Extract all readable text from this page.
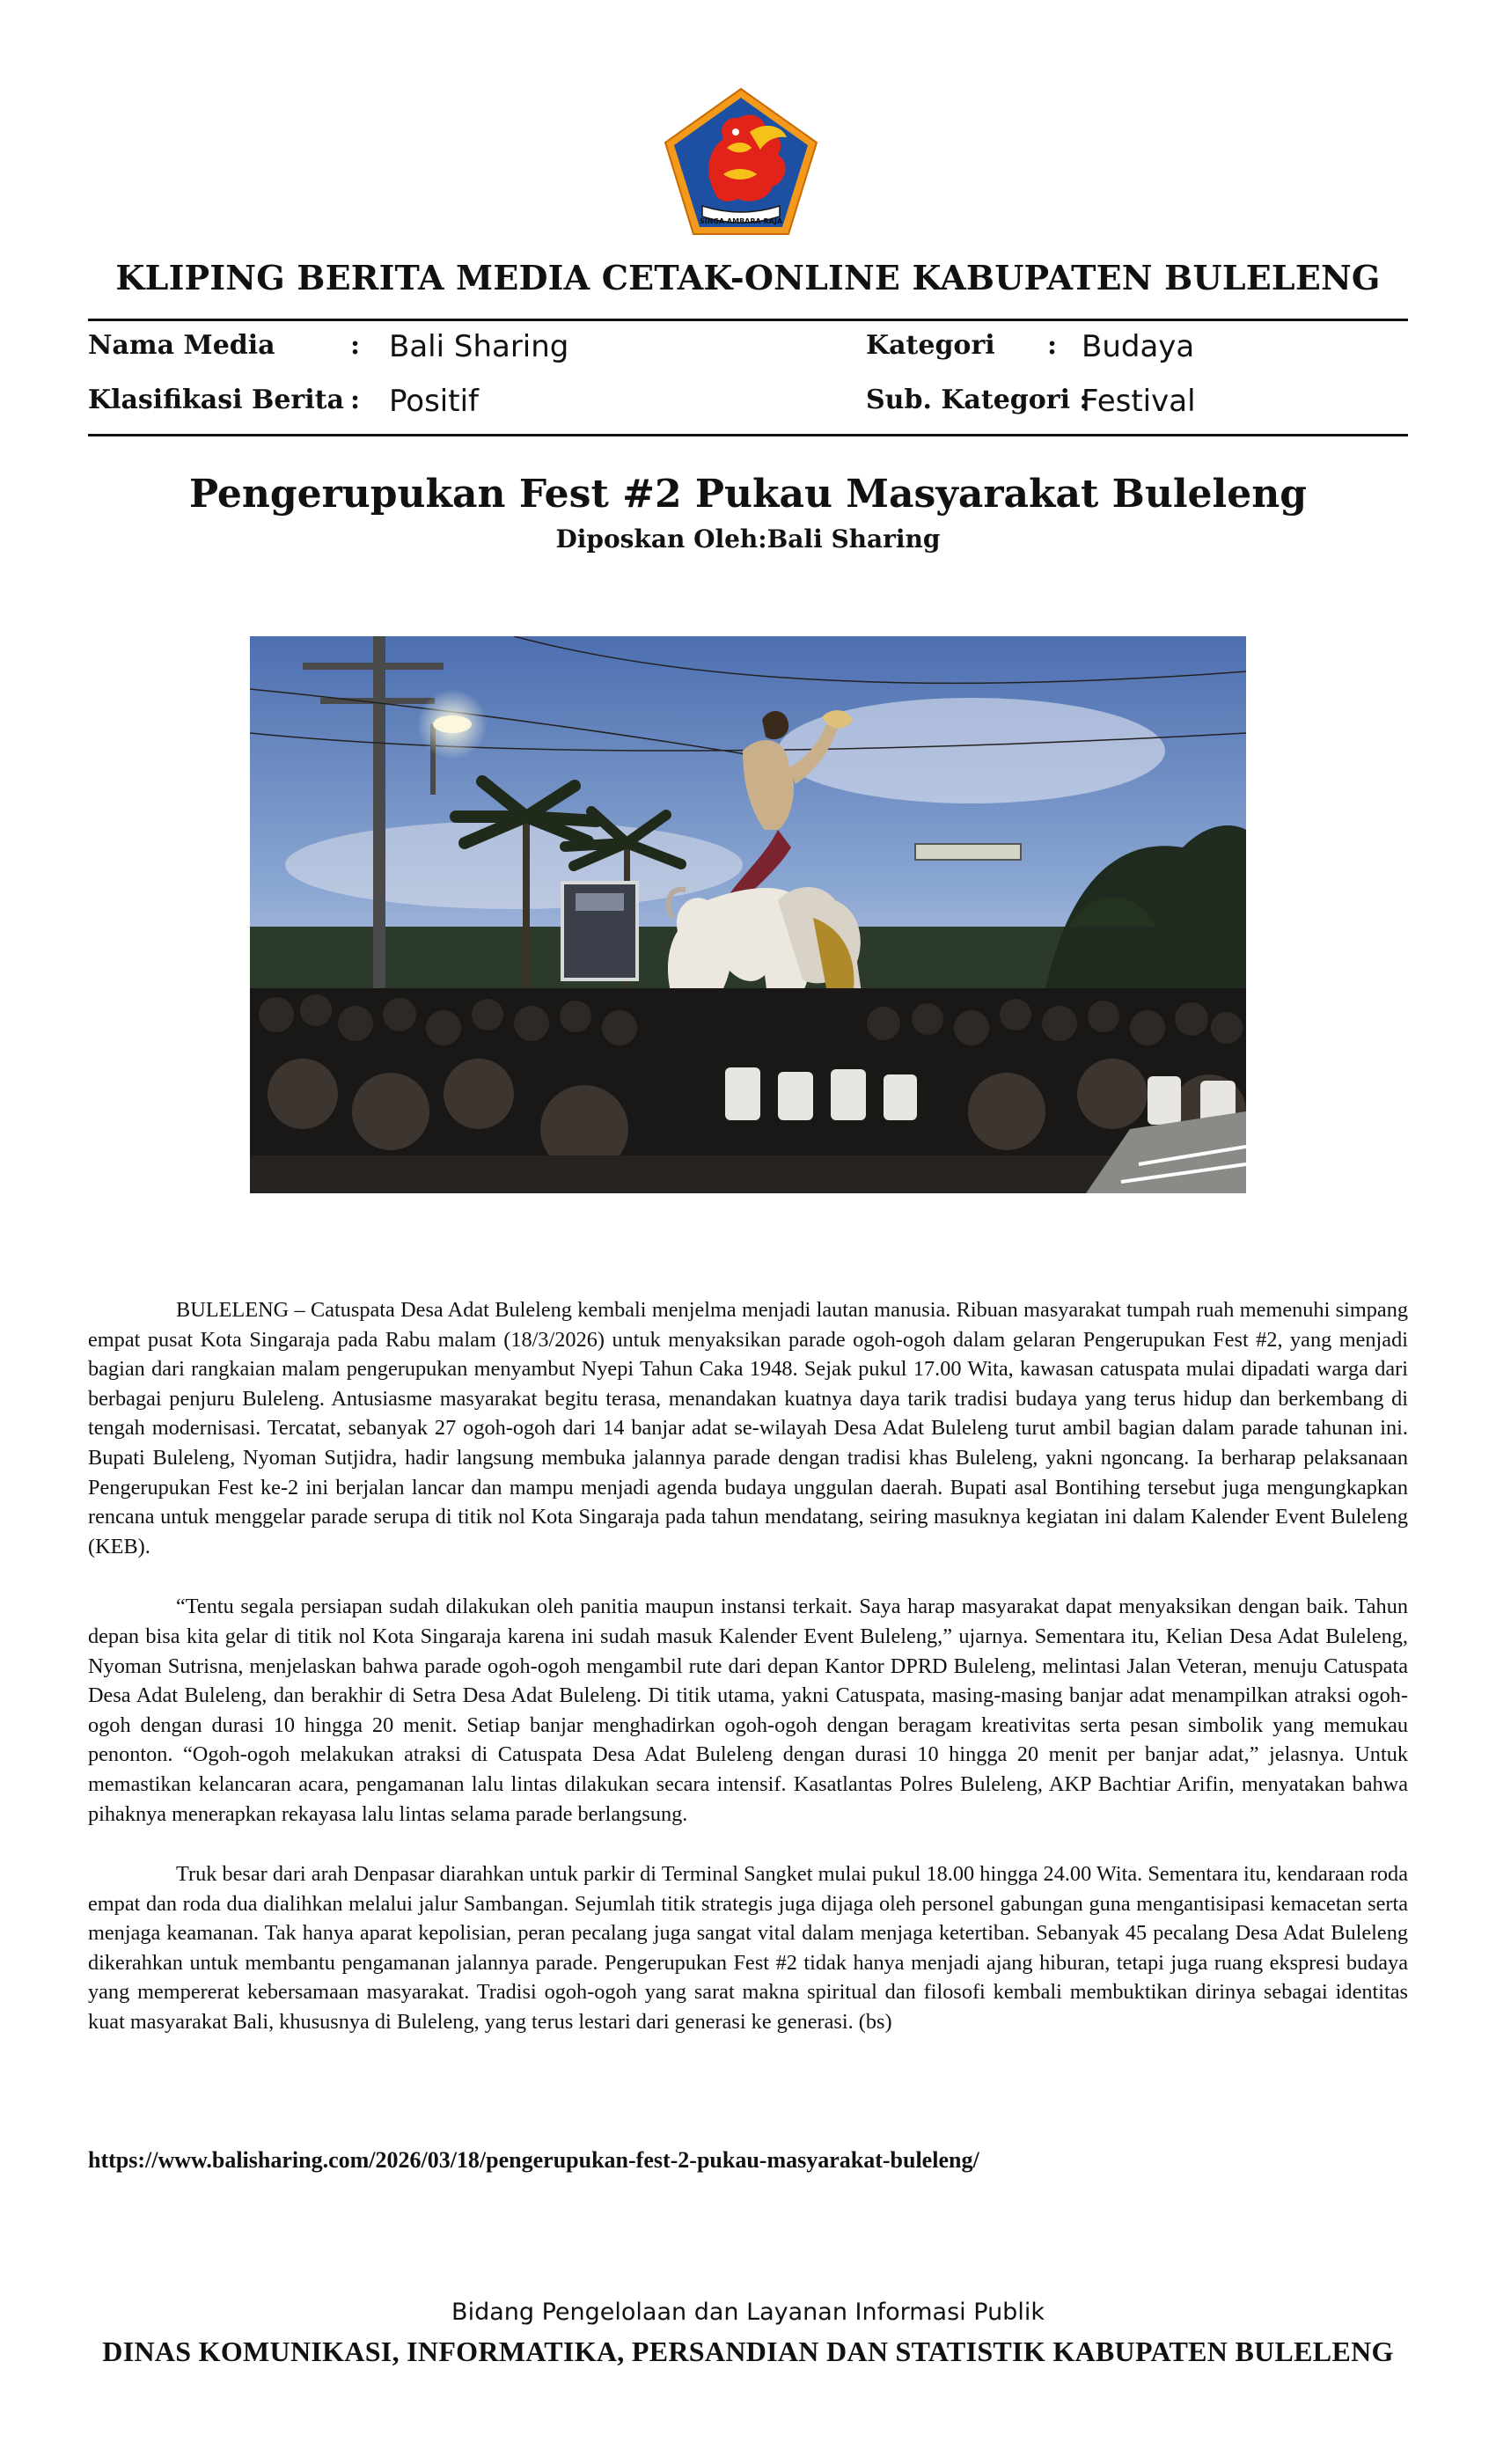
SINGA AMBARA RAJA
KLIPING BERITA MEDIA CETAK-ONLINE KABUPATEN BULELENG
Nama Media	: Bali Sharing
Klasifikasi Berita : Positif
Kategori : Budaya
Sub. Kategori :
Festival
Pengerupukan Fest #2 Pukau Masyarakat Buleleng
Diposkan Oleh:Bali Sharing

BULELENG – Catuspata Desa Adat Buleleng kembali menjelma menjadi lautan manusia. Ribuan masyarakat tumpah ruah memenuhi simpang empat pusat Kota Singaraja pada Rabu malam (18/3/2026) untuk menyaksikan parade ogoh-ogoh dalam gelaran Pengerupukan Fest #2, yang menjadi bagian dari rangkaian malam pengerupukan menyambut Nyepi Tahun Caka 1948. Sejak pukul 17.00 Wita, kawasan catuspata mulai dipadati warga dari berbagai penjuru Buleleng. Antusiasme masyarakat begitu terasa, menandakan kuatnya daya tarik tradisi budaya yang terus hidup dan berkembang di tengah modernisasi. Tercatat, sebanyak 27 ogoh-ogoh dari 14 banjar adat se-wilayah Desa Adat Buleleng turut ambil bagian dalam parade tahunan ini. Bupati Buleleng, Nyoman Sutjidra, hadir langsung membuka jalannya parade dengan tradisi khas Buleleng, yakni ngoncang. Ia berharap pelaksanaan Pengerupukan Fest ke-2 ini berjalan lancar dan mampu menjadi agenda budaya unggulan daerah. Bupati asal Bontihing tersebut juga mengungkapkan rencana untuk menggelar parade serupa di titik nol Kota Singaraja pada tahun mendatang, seiring masuknya kegiatan ini dalam Kalender Event Buleleng (KEB).

“Tentu segala persiapan sudah dilakukan oleh panitia maupun instansi terkait. Saya harap masyarakat dapat menyaksikan dengan baik. Tahun depan bisa kita gelar di titik nol Kota Singaraja karena ini sudah masuk Kalender Event Buleleng,” ujarnya. Sementara itu, Kelian Desa Adat Buleleng, Nyoman Sutrisna, menjelaskan bahwa parade ogoh-ogoh mengambil rute dari depan Kantor DPRD Buleleng, melintasi Jalan Veteran, menuju Catuspata Desa Adat Buleleng, dan berakhir di Setra Desa Adat Buleleng. Di titik utama, yakni Catuspata, masing-masing banjar adat menampilkan atraksi ogoh-ogoh dengan durasi 10 hingga 20 menit. Setiap banjar menghadirkan ogoh-ogoh dengan beragam kreativitas serta pesan simbolik yang memukau penonton. “Ogoh-ogoh melakukan atraksi di Catuspata Desa Adat Buleleng dengan durasi 10 hingga 20 menit per banjar adat,” jelasnya. Untuk memastikan kelancaran acara, pengamanan lalu lintas dilakukan secara intensif. Kasatlantas Polres Buleleng, AKP Bachtiar Arifin, menyatakan bahwa pihaknya menerapkan rekayasa lalu lintas selama parade berlangsung.

Truk besar dari arah Denpasar diarahkan untuk parkir di Terminal Sangket mulai pukul 18.00 hingga 24.00 Wita. Sementara itu, kendaraan roda empat dan roda dua dialihkan melalui jalur Sambangan. Sejumlah titik strategis juga dijaga oleh personel gabungan guna mengantisipasi kemacetan serta menjaga keamanan. Tak hanya aparat kepolisian, peran pecalang juga sangat vital dalam menjaga ketertiban. Sebanyak 45 pecalang Desa Adat Buleleng dikerahkan untuk membantu pengamanan jalannya parade. Pengerupukan Fest #2 tidak hanya menjadi ajang hiburan, tetapi juga ruang ekspresi budaya yang mempererat kebersamaan masyarakat. Tradisi ogoh-ogoh yang sarat makna spiritual dan filosofi kembali membuktikan dirinya sebagai identitas kuat masyarakat Bali, khususnya di Buleleng, yang terus lestari dari generasi ke generasi. (bs)

https://www.balisharing.com/2026/03/18/pengerupukan-fest-2-pukau-masyarakat-buleleng/
Bidang Pengelolaan dan Layanan Informasi Publik
DINAS KOMUNIKASI, INFORMATIKA, PERSANDIAN DAN STATISTIK KABUPATEN BULELENG
